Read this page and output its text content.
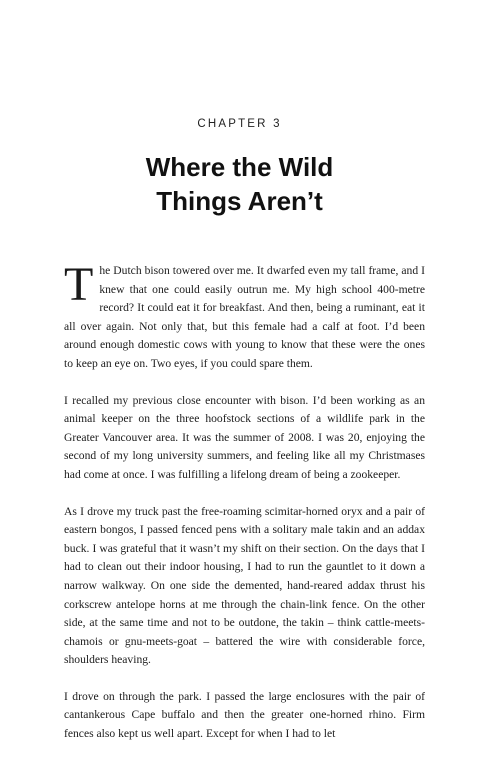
CHAPTER 3
Where the Wild
Things Aren’t

The Dutch bison towered over me. It dwarfed even my tall frame, and I knew that one could easily outrun me. My high school 400-metre record? It could eat it for breakfast. And then, being a ruminant, eat it all over again. Not only that, but this female had a calf at foot. I’d been around enough domestic cows with young to know that these were the ones to keep an eye on. Two eyes, if you could spare them.

I recalled my previous close encounter with bison. I’d been working as an animal keeper on the three hoofstock sections of a wildlife park in the Greater Vancouver area. It was the summer of 2008. I was 20, enjoying the second of my long university summers, and feeling like all my Christmases had come at once. I was fulfilling a lifelong dream of being a zookeeper.

As I drove my truck past the free-roaming scimitar-horned oryx and a pair of eastern bongos, I passed fenced pens with a solitary male takin and an addax buck. I was grateful that it wasn’t my shift on their section. On the days that I had to clean out their indoor housing, I had to run the gauntlet to it down a narrow walkway. On one side the demented, hand-reared addax thrust his corkscrew antelope horns at me through the chain-link fence. On the other side, at the same time and not to be outdone, the takin – think cattle-meets-chamois or gnu-meets-goat – battered the wire with considerable force, shoulders heaving.

I drove on through the park. I passed the large enclosures with the pair of cantankerous Cape buffalo and then the greater one-horned rhino. Firm fences also kept us well apart. Except for when I had to let
